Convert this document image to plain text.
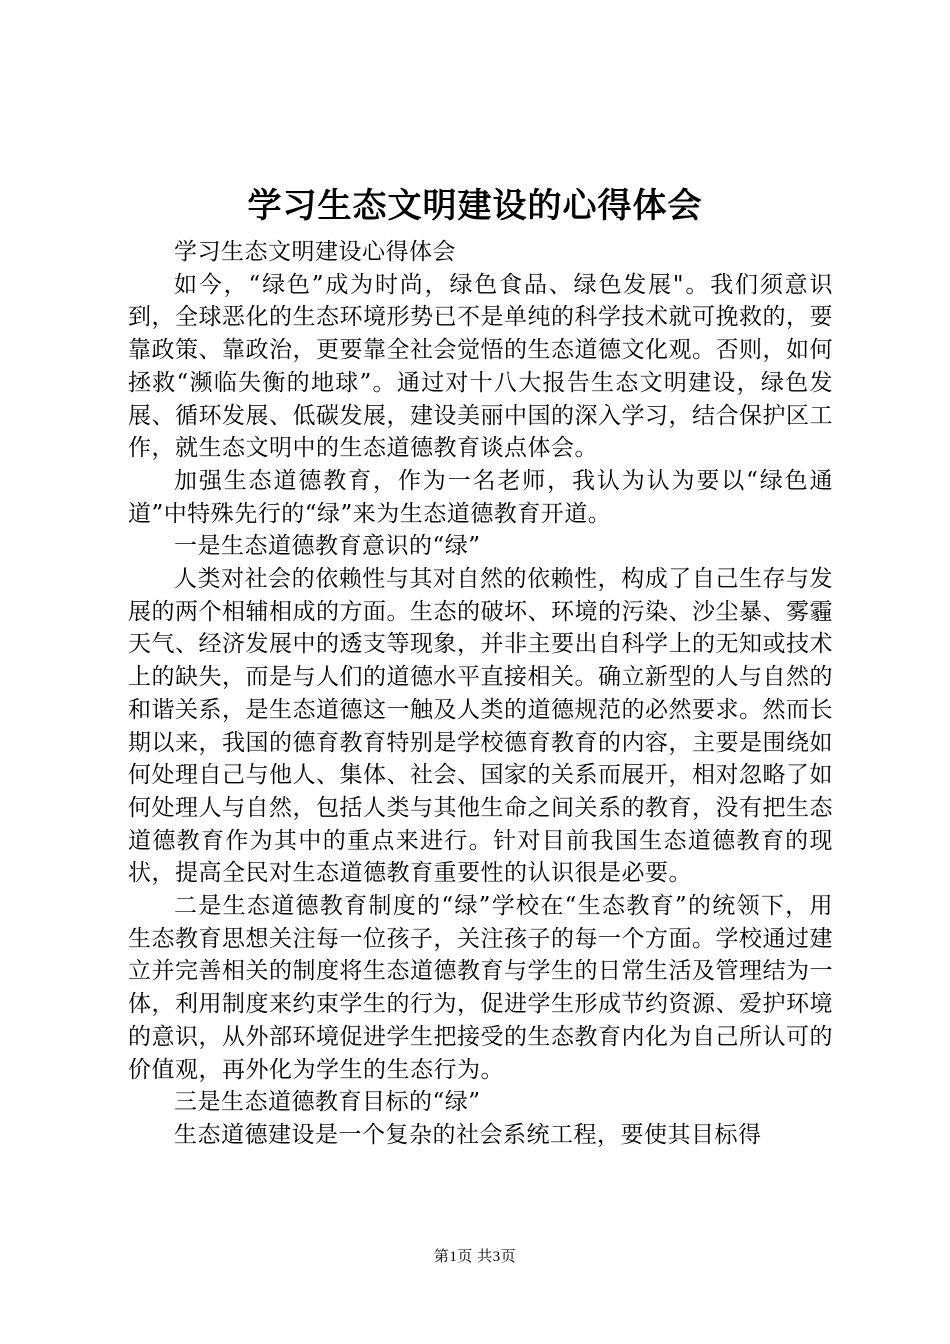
学习生态文明建设的心得体会

学习生态文明建设心得体会

如今，“绿色”成为时尚，绿色食品、绿色发展"。我们须意识到，全球恶化的生态环境形势已不是单纯的科学技术就可挽救的，要靠政策、靠政治，更要靠全社会觉悟的生态道德文化观。否则，如何拯救“濒临失衡的地球”。通过对十八大报告生态文明建设，绿色发展、循环发展、低碳发展，建设美丽中国的深入学习，结合保护区工作，就生态文明中的生态道德教育谈点体会。

加强生态道德教育，作为一名老师，我认为认为要以“绿色通道”中特殊先行的“绿”来为生态道德教育开道。

一是生态道德教育意识的“绿”

人类对社会的依赖性与其对自然的依赖性，构成了自己生存与发展的两个相辅相成的方面。生态的破坏、环境的污染、沙尘暴、雾霾天气、经济发展中的透支等现象，并非主要出自科学上的无知或技术上的缺失，而是与人们的道德水平直接相关。确立新型的人与自然的和谐关系，是生态道德这一触及人类的道德规范的必然要求。然而长期以来，我国的德育教育特别是学校德育教育的内容，主要是围绕如何处理自己与他人、集体、社会、国家的关系而展开，相对忽略了如何处理人与自然，包括人类与其他生命之间关系的教育，没有把生态道德教育作为其中的重点来进行。针对目前我国生态道德教育的现状，提高全民对生态道德教育重要性的认识很是必要。

二是生态道德教育制度的“绿”学校在“生态教育”的统领下，用生态教育思想关注每一位孩子，关注孩子的每一个方面。学校通过建立并完善相关的制度将生态道德教育与学生的日常生活及管理结为一体，利用制度来约束学生的行为，促进学生形成节约资源、爱护环境的意识，从外部环境促进学生把接受的生态教育内化为自己所认可的价值观，再外化为学生的生态行为。

三是生态道德教育目标的“绿”

生态道德建设是一个复杂的社会系统工程，要使其目标得

第1页 共3页
